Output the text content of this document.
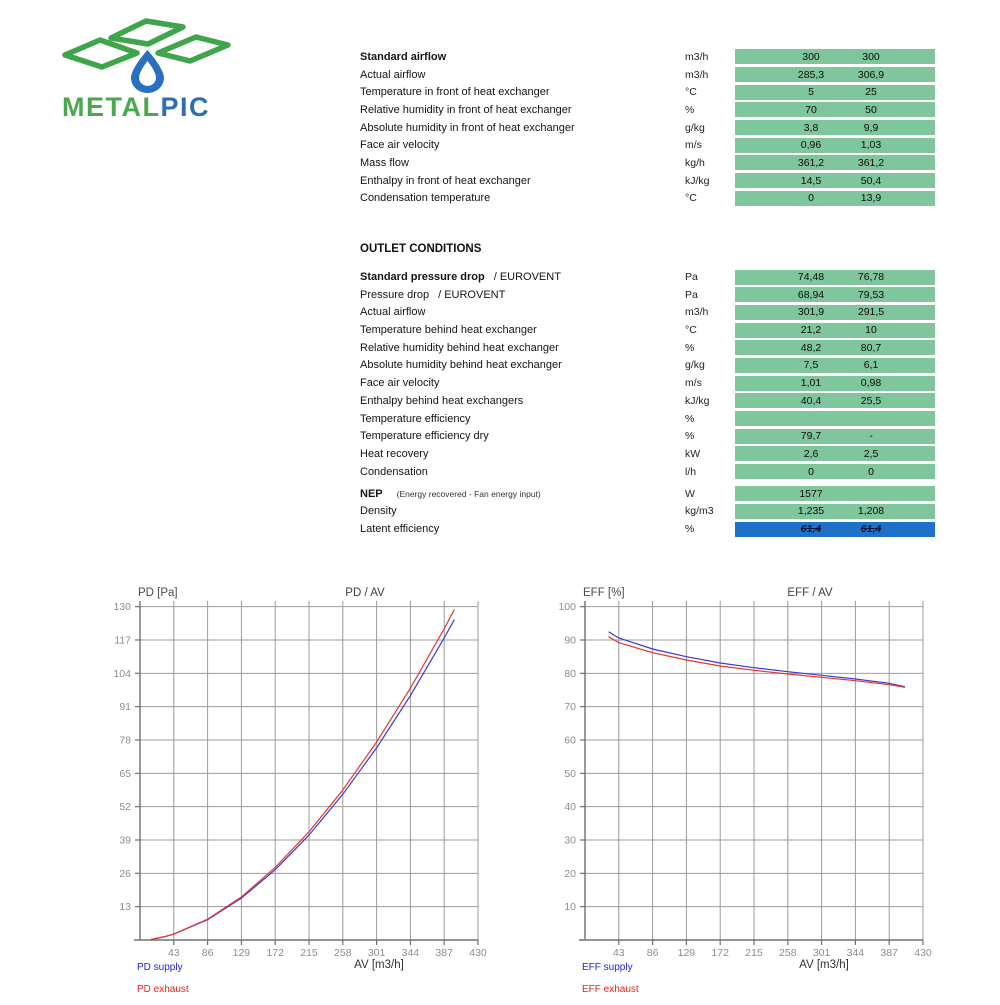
METALPIC
Standard airflow	m3/h	300	300
Actual airflow	m3/h	285,3	306,9
Temperature in front of heat exchanger	°C	5	25
Relative humidity in front of heat exchanger	%	70	50
Absolute humidity in front of heat exchanger	g/kg	3,8	9,9
Face air velocity	m/s	0,96	1,03
Mass flow	kg/h	361,2	361,2
Enthalpy in front of heat exchanger	kJ/kg	14,5	50,4
Condensation temperature	°C	0	13,9
OUTLET CONDITIONS
Standard pressure drop / EUROVENT	Pa	74,48	76,78
Pressure drop / EUROVENT	Pa	68,94	79,53
Actual airflow	m3/h	301,9	291,5
Temperature behind heat exchanger	°C	21,2	10
Relative humidity behind heat exchanger	%	48,2	80,7
Absolute humidity behind heat exchanger	g/kg	7,5	6,1
Face air velocity	m/s	1,01	0,98
Enthalpy behind heat exchangers	kJ/kg	40,4	25,5
Temperature efficiency	%
Temperature efficiency dry	%	79,7	-
Heat recovery	kW	2,6	2,5
Condensation	l/h	0	0
NEP (Energy recovered - Fan energy input)	W	1577
Density	kg/m3	1,235	1,208
Latent efficiency	%	61,4	61,4
130
117
104
91
78
65
52
39
26
13
43 86 129 172 215 258 301 344 387 430
PD [Pa]	PD / AV
AV [m3/h]
PD supply
PD exhaust
100
90
80
70
60
50
40
30
20
10
43 86 129 172 215 258 301 344 387 430
EFF [%]	EFF / AV
AV [m3/h]
EFF supply
EFF exhaust
